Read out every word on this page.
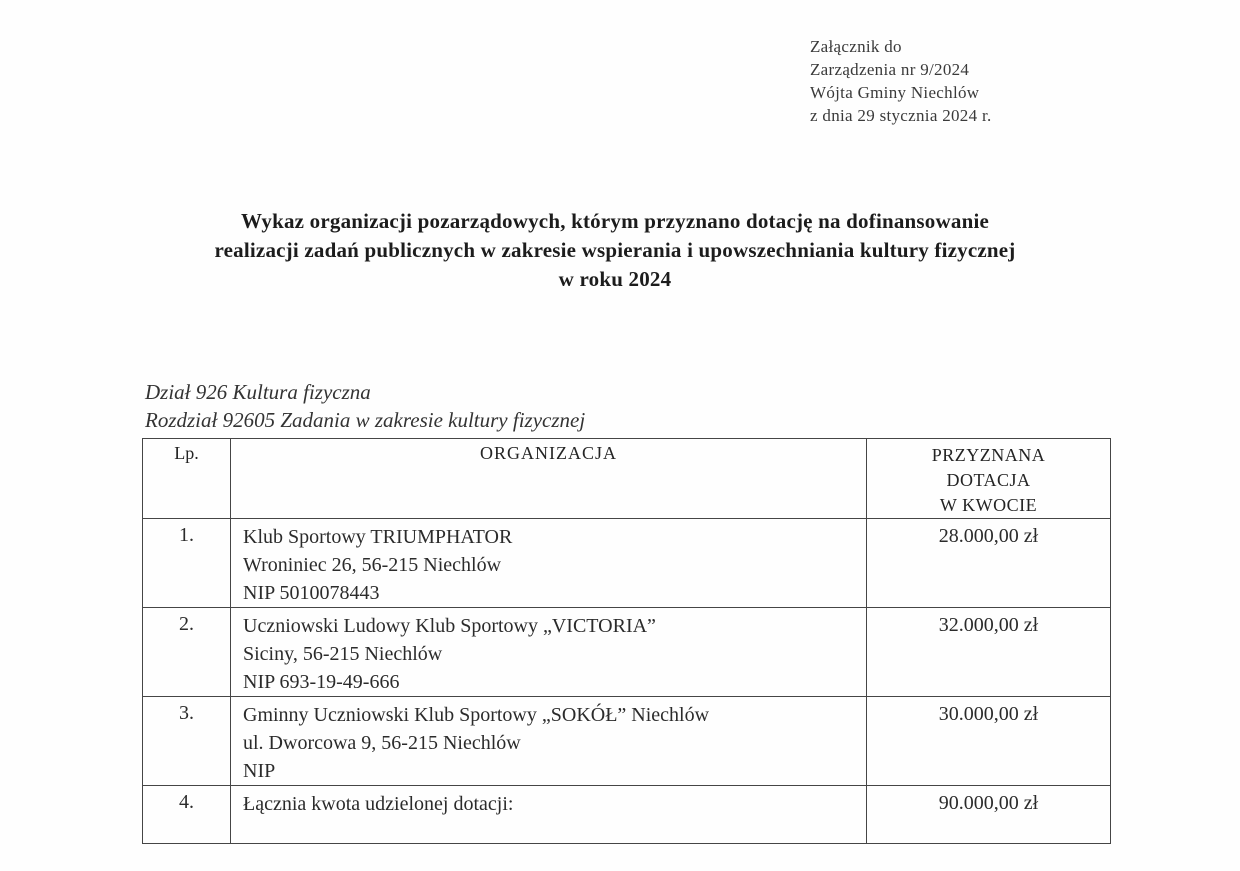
Załącznik do
Zarządzenia nr 9/2024
Wójta Gminy Niechlów
z dnia 29 stycznia 2024 r.
Wykaz organizacji pozarządowych, którym przyznano dotację na dofinansowanie
realizacji zadań publicznych w zakresie wspierania i upowszechniania kultury fizycznej
w roku 2024
Dział 926 Kultura fizyczna
Rozdział 92605 Zadania w zakresie kultury fizycznej
Lp.	ORGANIZACJA	PRZYZNANA
DOTACJA
W KWOCIE

1.	Klub Sportowy TRIUMPHATOR
Wroniniec 26, 56-215 Niechlów
NIP 5010078443	28.000,00 zł
2.	Uczniowski Ludowy Klub Sportowy „VICTORIA”
Siciny, 56-215 Niechlów
NIP 693-19-49-666	32.000,00 zł
3.	Gminny Uczniowski Klub Sportowy „SOKÓŁ” Niechlów
ul. Dworcowa 9, 56-215 Niechlów
NIP	30.000,00 zł
4.	Łącznia kwota udzielonej dotacji:	90.000,00 zł
